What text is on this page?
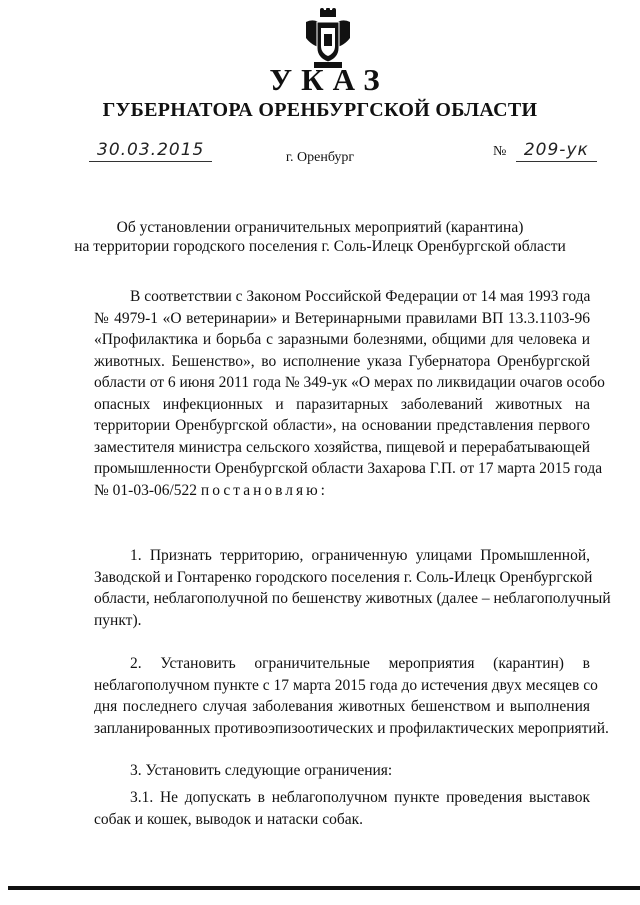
УКАЗ
ГУБЕРНАТОРА ОРЕНБУРГСКОЙ ОБЛАСТИ
30.03.2015	г. Оренбург	№ 209-ук
Об установлении ограничительных мероприятий (карантина)
на территории городского поселения г. Соль-Илецк Оренбургской области
В соответствии с Законом Российской Федерации от 14 мая 1993 года
№ 4979-1 «О ветеринарии» и Ветеринарными правилами ВП 13.3.1103-96
«Профилактика и борьба с заразными болезнями, общими для человека и
животных. Бешенство», во исполнение указа Губернатора Оренбургской
области от 6 июня 2011 года № 349-ук «О мерах по ликвидации очагов особо
опасных инфекционных и паразитарных заболеваний животных на
территории Оренбургской области», на основании представления первого
заместителя министра сельского хозяйства, пищевой и перерабатывающей
промышленности Оренбургской области Захарова Г.П. от 17 марта 2015 года
№ 01-03-06/522 постановляю:
1. Признать территорию, ограниченную улицами Промышленной,
Заводской и Гонтаренко городского поселения г. Соль-Илецк Оренбургской
области, неблагополучной по бешенству животных (далее – неблагополучный
пункт).
2. Установить ограничительные мероприятия (карантин) в
неблагополучном пункте с 17 марта 2015 года до истечения двух месяцев со
дня последнего случая заболевания животных бешенством и выполнения
запланированных противоэпизоотических и профилактических мероприятий.
3. Установить следующие ограничения:
3.1. Не допускать в неблагополучном пункте проведения выставок
собак и кошек, выводок и натаски собак.
